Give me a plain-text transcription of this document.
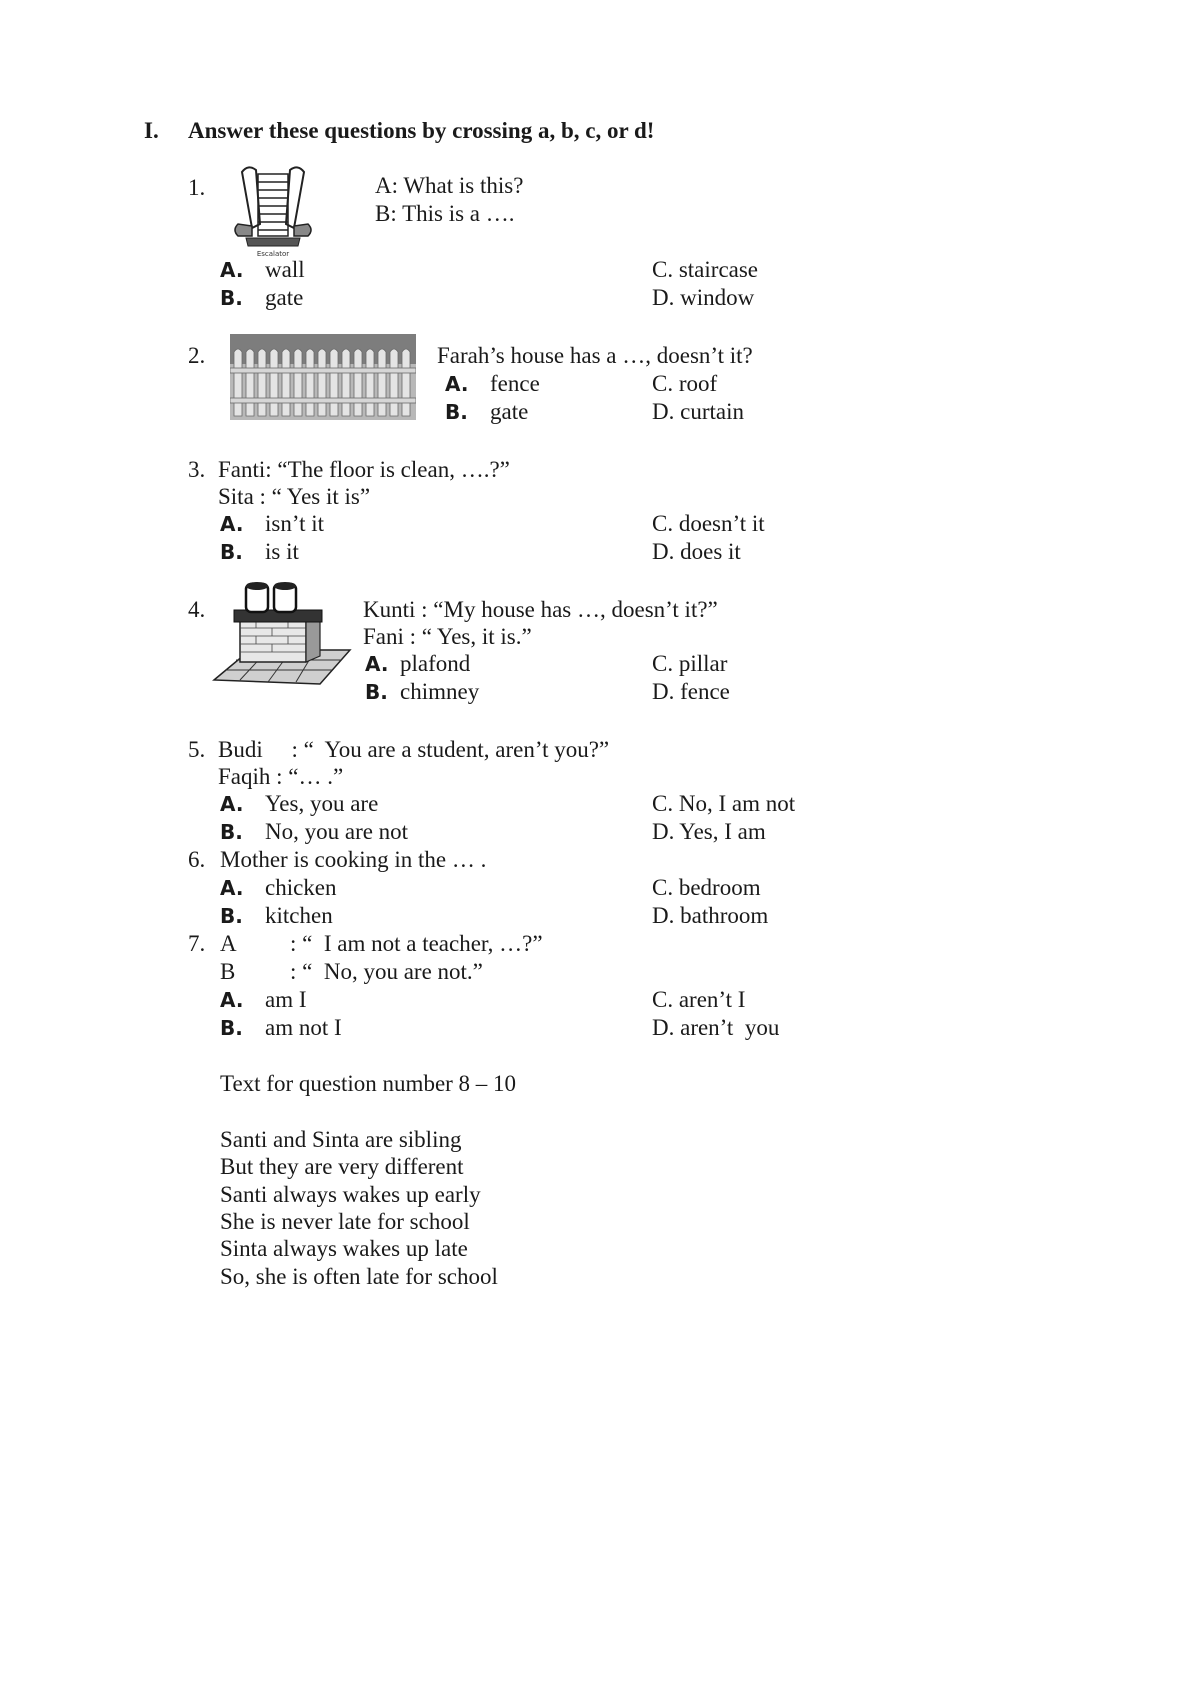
I. Answer these questions by crossing a, b, c, or d!
1.
Escalator
A: What is this?
B: This is a ….
A. wall
B. gate
C. staircase
D. window
2.	Farah’s house has a …, doesn’t it?
A. fence
B. gate
C. roof
D. curtain
3. Fanti: “The floor is clean, ….?”
Sita : “ Yes it is”
A. isn’t it
B. is it
C. doesn’t it
D. does it
4.	Kunti : “My house has …, doesn’t it?”
Fani : “ Yes, it is.”
A. plafond
B. chimney
C. pillar
D. fence
5. Budi     : “  You are a student, aren’t you?”
Faqih : “… .”
A. Yes, you are
B. No, you are not
C. No, I am not
D. Yes, I am
6. Mother is cooking in the … .
A. chicken
B. kitchen
C. bedroom
D. bathroom
7. A : “  I am not a teacher, …?”
B : “  No, you are not.”
A. am I
B. am not I
C. aren’t I
D. aren’t  you
Text for question number 8 – 10
Santi and Sinta are sibling
But they are very different
Santi always wakes up early
She is never late for school
Sinta always wakes up late
So, she is often late for school
